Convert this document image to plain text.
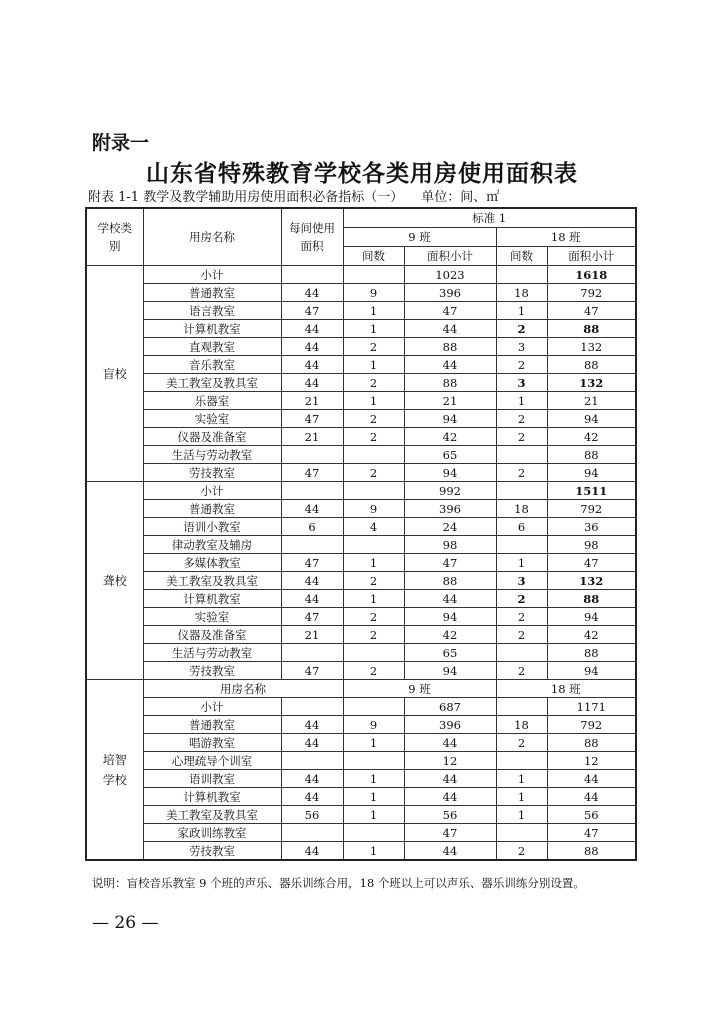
附录一
山东省特殊教育学校各类用房使用面积表
附表 1-1 教学及教学辅助用房使用面积必备指标（一） 单位：间、㎡
学校类别	用房名称	每间使用面积	标准 1			
			9 班		18 班	
			间数	面积小计	间数	面积小计
盲校	小计			1023		1618
	普通教室	44	9	396	18	792
	语言教室	47	1	47	1	47
	计算机教室	44	1	44	2	88
	直观教室	44	2	88	3	132
	音乐教室	44	1	44	2	88
	美工教室及教具室	44	2	88	3	132
	乐器室	21	1	21	1	21
	实验室	47	2	94	2	94
	仪器及准备室	21	2	42	2	42
	生活与劳动教室			65		88
	劳技教室	47	2	94	2	94
聋校	小计			992		1511
	普通教室	44	9	396	18	792
	语训小教室	6	4	24	6	36
	律动教室及辅房			98		98
	多媒体教室	47	1	47	1	47
	美工教室及教具室	44	2	88	3	132
	计算机教室	44	1	44	2	88
	实验室	47	2	94	2	94
	仪器及准备室	21	2	42	2	42
	生活与劳动教室			65		88
	劳技教室	47	2	94	2	94
培智学校	用房名称		9 班		18 班	
	小计			687		1171
	普通教室	44	9	396	18	792
	唱游教室	44	1	44	2	88
	心理疏导个训室			12		12
	语训教室	44	1	44	1	44
	计算机教室	44	1	44	1	44
	美工教室及教具室	56	1	56	1	56
	家政训练教室			47		47
	劳技教室	44	1	44	2	88
说明：盲校音乐教室 9 个班的声乐、器乐训练合用，18 个班以上可以声乐、器乐训练分别设置。
— 26 —
